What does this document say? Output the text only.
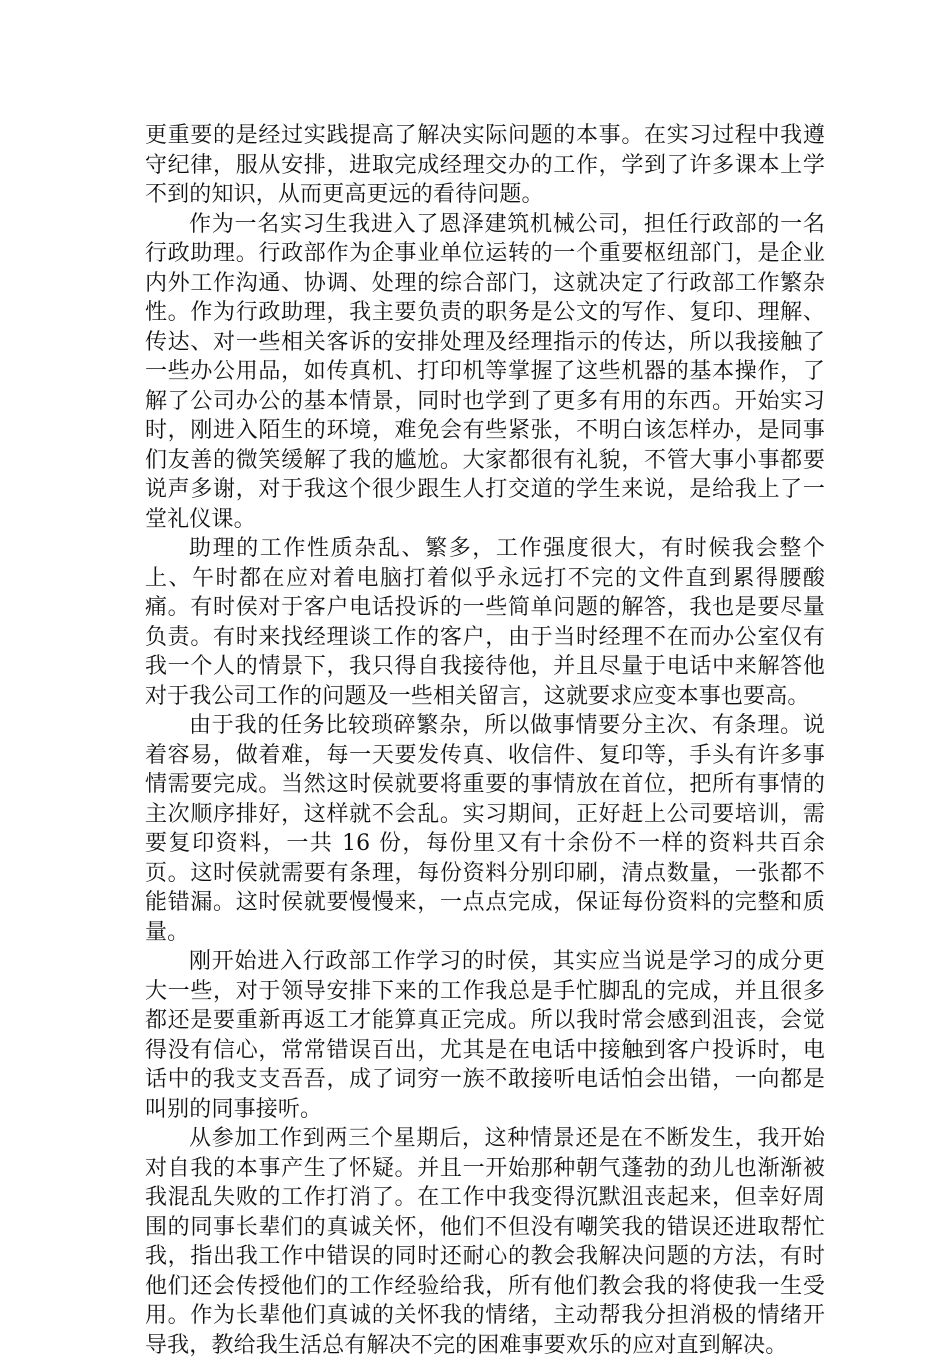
更重要的是经过实践提高了解决实际问题的本事。在实习过程中我遵守纪律，服从安排，进取完成经理交办的工作，学到了许多课本上学不到的知识，从而更高更远的看待问题。

作为一名实习生我进入了恩泽建筑机械公司，担任行政部的一名行政助理。行政部作为企事业单位运转的一个重要枢纽部门，是企业内外工作沟通、协调、处理的综合部门，这就决定了行政部工作繁杂性。作为行政助理，我主要负责的职务是公文的写作、复印、理解、传达、对一些相关客诉的安排处理及经理指示的传达，所以我接触了一些办公用品，如传真机、打印机等掌握了这些机器的基本操作，了解了公司办公的基本情景，同时也学到了更多有用的东西。开始实习时，刚进入陌生的环境，难免会有些紧张，不明白该怎样办，是同事们友善的微笑缓解了我的尴尬。大家都很有礼貌，不管大事小事都要说声多谢，对于我这个很少跟生人打交道的学生来说，是给我上了一堂礼仪课。

助理的工作性质杂乱、繁多，工作强度很大，有时候我会整个上、午时都在应对着电脑打着似乎永远打不完的文件直到累得腰酸痛。有时侯对于客户电话投诉的一些简单问题的解答，我也是要尽量负责。有时来找经理谈工作的客户，由于当时经理不在而办公室仅有我一个人的情景下，我只得自我接待他，并且尽量于电话中来解答他对于我公司工作的问题及一些相关留言，这就要求应变本事也要高。

由于我的任务比较琐碎繁杂，所以做事情要分主次、有条理。说着容易，做着难，每一天要发传真、收信件、复印等，手头有许多事情需要完成。当然这时侯就要将重要的事情放在首位，把所有事情的主次顺序排好，这样就不会乱。实习期间，正好赶上公司要培训，需要复印资料，一共 16 份，每份里又有十余份不一样的资料共百余页。这时侯就需要有条理，每份资料分别印刷，清点数量，一张都不能错漏。这时侯就要慢慢来，一点点完成，保证每份资料的完整和质量。

刚开始进入行政部工作学习的时侯，其实应当说是学习的成分更大一些，对于领导安排下来的工作我总是手忙脚乱的完成，并且很多都还是要重新再返工才能算真正完成。所以我时常会感到沮丧，会觉得没有信心，常常错误百出，尤其是在电话中接触到客户投诉时，电话中的我支支吾吾，成了词穷一族不敢接听电话怕会出错，一向都是叫别的同事接听。

从参加工作到两三个星期后，这种情景还是在不断发生，我开始对自我的本事产生了怀疑。并且一开始那种朝气蓬勃的劲儿也渐渐被我混乱失败的工作打消了。在工作中我变得沉默沮丧起来，但幸好周围的同事长辈们的真诚关怀，他们不但没有嘲笑我的错误还进取帮忙我，指出我工作中错误的同时还耐心的教会我解决问题的方法，有时他们还会传授他们的工作经验给我，所有他们教会我的将使我一生受用。作为长辈他们真诚的关怀我的情绪，主动帮我分担消极的情绪开导我，教给我生活总有解决不完的困难事要欢乐的应对直到解决。
